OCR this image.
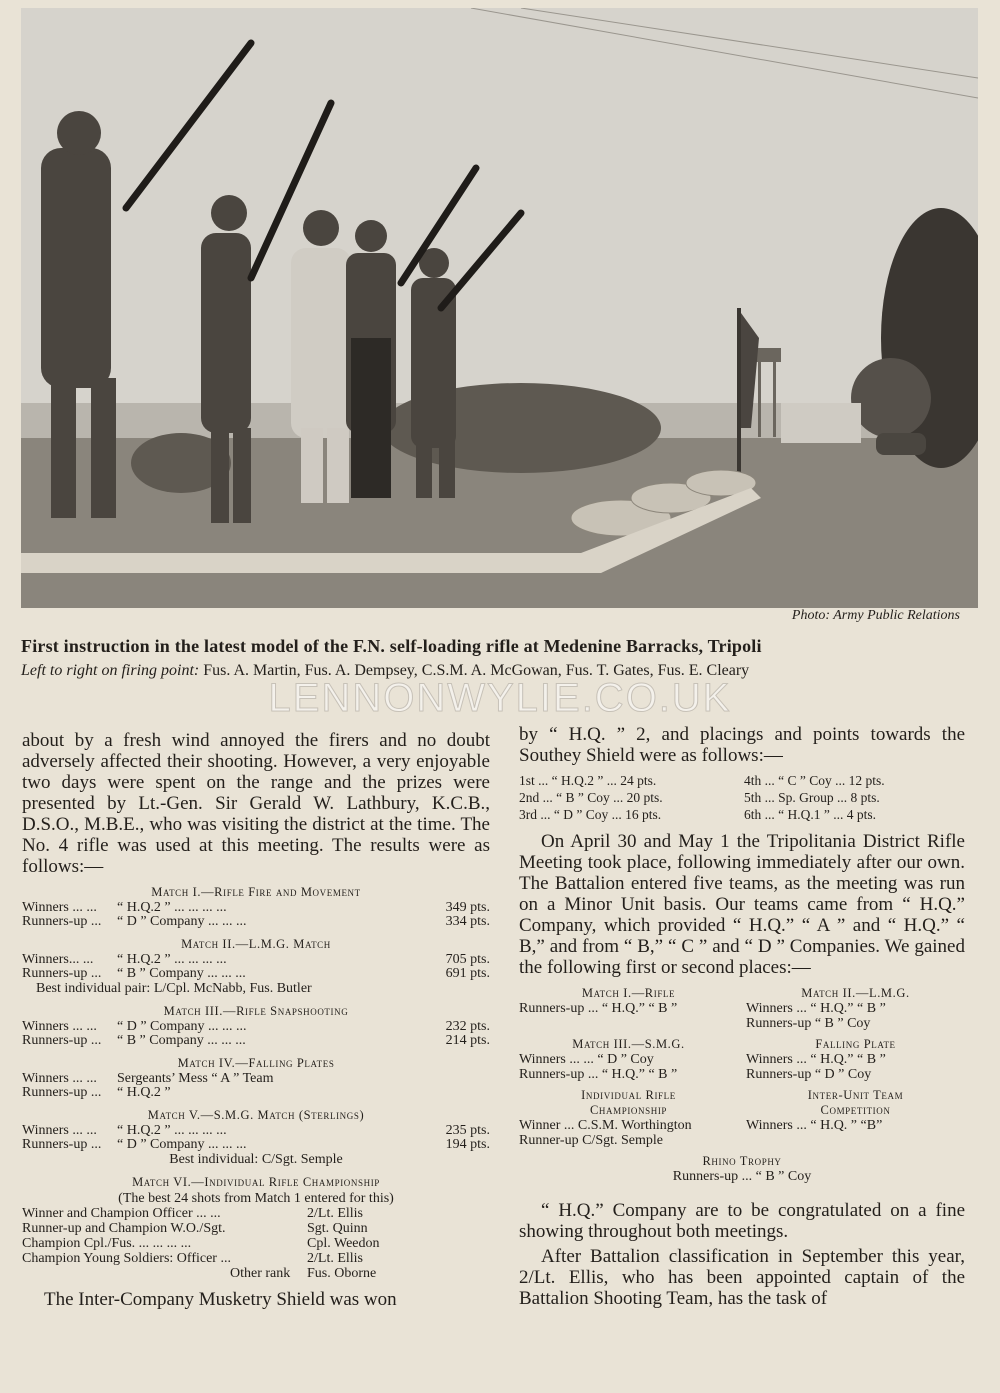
Photo: Army Public Relations
First instruction in the latest model of the F.N. self-loading rifle at Medenine Barracks, Tripoli
Left to right on firing point: Fus. A. Martin, Fus. A. Dempsey, C.S.M. A. McGowan, Fus. T. Gates, Fus. E. Cleary
LENNONWYLIE.CO.UK

about by a fresh wind annoyed the firers and no doubt adversely affected their shooting. However, a very enjoyable two days were spent on the range and the prizes were presented by Lt.-Gen. Sir Gerald W. Lathbury, K.C.B., D.S.O., M.B.E., who was visiting the district at the time. The No. 4 rifle was used at this meeting. The results were as follows:—

Match I.—Rifle Fire and Movement
Winners ... ...	“ H.Q.2 ” ... ... ... ...	349 pts.
Runners-up ...	“ D ” Company ... ... ...	334 pts.
Match II.—L.M.G. Match
Winners... ...	“ H.Q.2 ” ... ... ... ...	705 pts.
Runners-up ...	“ B ” Company ... ... ...	691 pts.
Best individual pair: L/Cpl. McNabb, Fus. Butler
Match III.—Rifle Snapshooting
Winners ... ...	“ D ” Company ... ... ...	232 pts.
Runners-up ...	“ B ” Company ... ... ...	214 pts.
Match IV.—Falling Plates
Winners ... ...	Sergeants’ Mess “ A ” Team
Runners-up ...	“ H.Q.2 ”
Match V.—S.M.G. Match (Sterlings)
Winners ... ...	“ H.Q.2 ” ... ... ... ...	235 pts.
Runners-up ...	“ D ” Company ... ... ...	194 pts.
Best individual: C/Sgt. Semple
Match VI.—Individual Rifle Championship
(The best 24 shots from Match 1 entered for this)
Winner and Champion Officer ... ...	2/Lt. Ellis
Runner-up and Champion W.O./Sgt.	Sgt. Quinn
Champion Cpl./Fus. ... ... ... ...	Cpl. Weedon
Champion Young Soldiers: Officer ...	2/Lt. Ellis
Other rank	Fus. Oborne

The Inter-Company Musketry Shield was won

by “ H.Q. ” 2, and placings and points towards the Southey Shield were as follows:—

1st ... “ H.Q.2 ” ... 24 pts.	4th ... “ C ” Coy ... 12 pts.
2nd ... “ B ” Coy ... 20 pts.	5th ... Sp. Group ... 8 pts.
3rd ... “ D ” Coy ... 16 pts.	6th ... “ H.Q.1 ” ... 4 pts.

On April 30 and May 1 the Tripolitania District Rifle Meeting took place, following immediately after our own. The Battalion entered five teams, as the meeting was run on a Minor Unit basis. Our teams came from “ H.Q.” Company, which provided “ H.Q.” “ A ” and “ H.Q.” “ B,” and from “ B,” “ C ” and “ D ” Companies. We gained the following first or second places:—

Match I.—Rifle
Runners-up ... “ H.Q.” “ B ”
Match II.—L.M.G.
Winners ... “ H.Q.” “ B ”
Runners-up “ B ” Coy
Match III.—S.M.G.
Winners ... ... “ D ” Coy
Runners-up ... “ H.Q.” “ B ”
Falling Plate
Winners ... “ H.Q.” “ B ”
Runners-up “ D ” Coy
Individual Rifle
Championship
Winner ... C.S.M. Worthington
Runner-up C/Sgt. Semple
Inter-Unit Team
Competition
Winners ... “ H.Q. ” “B”
Rhino Trophy
Runners-up ... “ B ” Coy

“ H.Q.” Company are to be congratulated on a fine showing throughout both meetings.

After Battalion classification in September this year, 2/Lt. Ellis, who has been appointed captain of the Battalion Shooting Team, has the task of
